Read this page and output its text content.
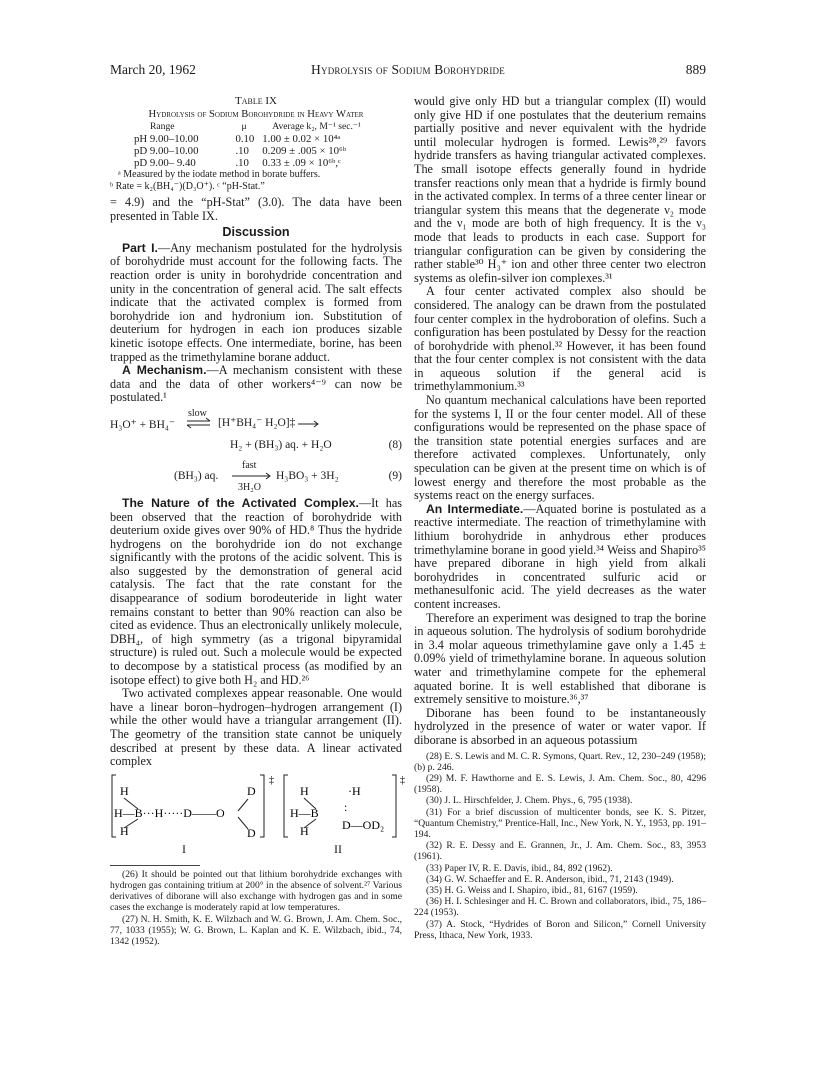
March 20, 1962	Hydrolysis of Sodium Borohydride	889
Table IX
Hydrolysis of Sodium Borohydride in Heavy Water
Range	μ	Average k₂, M⁻¹ sec.⁻¹
pH 9.00–10.00	0.10	1.00 ± 0.02 × 10⁴ᵃ
pD 9.00–10.00	.10	0.209 ± .005 × 10⁶ᵇ
pD 9.00– 9.40	.10	0.33 ± .09 × 10⁶ᵇ,ᶜ
ᵃ Measured by the iodate method in borate buffers.
ᵇ Rate = k₂(BH₄⁻)(D₃O⁺). ᶜ “pH-Stat.”

= 4.9) and the “pH-Stat” (3.0). The data have been presented in Table IX.

Discussion

Part I.—Any mechanism postulated for the hydrolysis of borohydride must account for the following facts. The reaction order is unity in borohydride concentration and unity in the concentration of general acid. The salt effects indicate that the activated complex is formed from borohydride ion and hydronium ion. Substitution of deuterium for hydrogen in each ion produces sizable kinetic isotope effects. One intermediate, borine, has been trapped as the trimethylamine borane adduct.

A Mechanism.—A mechanism consistent with these data and the data of other workers⁴⁻⁹ can now be postulated.¹

H₃O⁺ + BH₄⁻
slow
⇌ [H⁺BH₄⁻ H₂O]‡
H₂ + (BH₃) aq. + H₂O	(8)
(BH₃) aq.
fast
3H₂O
H₃BO₃ + 3H₂	(9)

The Nature of the Activated Complex.—It has been observed that the reaction of borohydride with deuterium oxide gives over 90% of HD.⁸ Thus the hydride hydrogens on the borohydride ion do not exchange significantly with the protons of the acidic solvent. This is also suggested by the demonstration of general acid catalysis. The fact that the rate constant for the disappearance of sodium borodeuteride in light water remains constant to better than 90% reaction can also be cited as evidence. Thus an electronically unlikely molecule, DBH₄, of high symmetry (as a trigonal bipyramidal structure) is ruled out. Such a molecule would be expected to decompose by a statistical process (as modified by an isotope effect) to give both H₂ and HD.²⁶

Two activated complexes appear reasonable. One would have a linear boron–hydrogen–hydrogen arrangement (I) while the other would have a triangular arrangement (II). The geometry of the transition state cannot be uniquely described at present by these data. A linear activated complex

‡
H
H—B···H·····D——O
H
D
D
‡
H
H—B
·H
:
D—OD₂
H
I	II

(26) It should be pointed out that lithium borohydride exchanges with hydrogen gas containing tritium at 200° in the absence of solvent.²⁷ Various derivatives of diborane will also exchange with hydrogen gas and in some cases the exchange is moderately rapid at low temperatures.

(27) N. H. Smith, K. E. Wilzbach and W. G. Brown, J. Am. Chem. Soc., 77, 1033 (1955); W. G. Brown, L. Kaplan and K. E. Wilzbach, ibid., 74, 1342 (1952).

would give only HD but a triangular complex (II) would only give HD if one postulates that the deuterium remains partially positive and never equivalent with the hydride until molecular hydrogen is formed. Lewis²⁸,²⁹ favors hydride transfers as having triangular activated complexes. The small isotope effects generally found in hydride transfer reactions only mean that a hydride is firmly bound in the activated complex. In terms of a three center linear or triangular system this means that the degenerate ν₂ mode and the ν₁ mode are both of high frequency. It is the ν₃ mode that leads to products in each case. Support for triangular configuration can be given by considering the rather stable³⁰ H₃⁺ ion and other three center two electron systems as olefin-silver ion complexes.³¹

A four center activated complex also should be considered. The analogy can be drawn from the postulated four center complex in the hydroboration of olefins. Such a configuration has been postulated by Dessy for the reaction of borohydride with phenol.³² However, it has been found that the four center complex is not consistent with the data in aqueous solution if the general acid is trimethylammonium.³³

No quantum mechanical calculations have been reported for the systems I, II or the four center model. All of these configurations would be represented on the phase space of the transition state potential energies surfaces and are therefore activated complexes. Unfortunately, only speculation can be given at the present time on which is of lowest energy and therefore the most probable as the systems react on the energy surfaces.

An Intermediate.—Aquated borine is postulated as a reactive intermediate. The reaction of trimethylamine with lithium borohydride in anhydrous ether produces trimethylamine borane in good yield.³⁴ Weiss and Shapiro³⁵ have prepared diborane in high yield from alkali borohydrides in concentrated sulfuric acid or methanesulfonic acid. The yield decreases as the water content increases.

Therefore an experiment was designed to trap the borine in aqueous solution. The hydrolysis of sodium borohydride in 3.4 molar aqueous trimethylamine gave only a 1.45 ± 0.09% yield of trimethylamine borane. In aqueous solution water and trimethylamine compete for the ephemeral aquated borine. It is well established that diborane is extremely sensitive to moisture.³⁶,³⁷

Diborane has been found to be instantaneously hydrolyzed in the presence of water or water vapor. If diborane is absorbed in an aqueous potassium

(28) E. S. Lewis and M. C. R. Symons, Quart. Rev., 12, 230–249 (1958); (b) p. 246.

(29) M. F. Hawthorne and E. S. Lewis, J. Am. Chem. Soc., 80, 4296 (1958).

(30) J. L. Hirschfelder, J. Chem. Phys., 6, 795 (1938).

(31) For a brief discussion of multicenter bonds, see K. S. Pitzer, “Quantum Chemistry,” Prentice-Hall, Inc., New York, N. Y., 1953, pp. 191–194.

(32) R. E. Dessy and E. Grannen, Jr., J. Am. Chem. Soc., 83, 3953 (1961).

(33) Paper IV, R. E. Davis, ibid., 84, 892 (1962).

(34) G. W. Schaeffer and E. R. Anderson, ibid., 71, 2143 (1949).

(35) H. G. Weiss and I. Shapiro, ibid., 81, 6167 (1959).

(36) H. I. Schlesinger and H. C. Brown and collaborators, ibid., 75, 186–224 (1953).

(37) A. Stock, “Hydrides of Boron and Silicon,” Cornell University Press, Ithaca, New York, 1933.
